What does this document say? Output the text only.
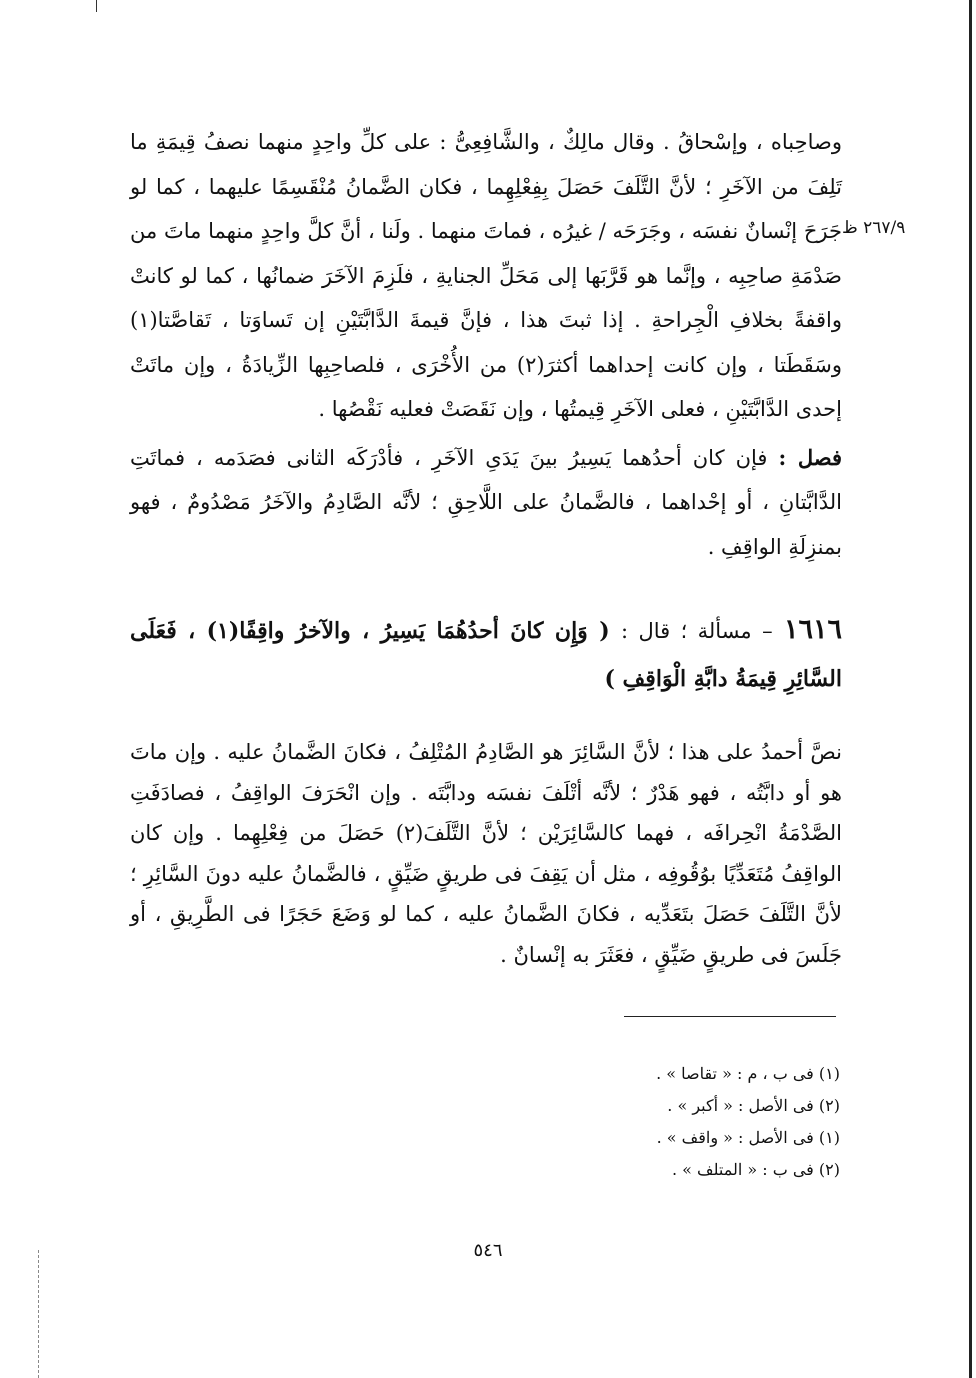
٢٦٧/٩ ظ

وصاحِباه ، وإسْحاقُ . وقال مالِكٌ ، والشَّافِعِىُّ : على كلِّ واحِدٍ منهما نصفُ قِيمَةِ ما تَلِفَ من الآخَرِ ؛ لأنَّ التَّلَفَ حَصَلَ بِفِعْلِهِما ، فكان الضَّمانُ مُنْقَسِمًا عليهما ، كما لو جَرَحَ إنْسانٌ نفسَه ، وجَرَحَه / غيرُه ، فماتَ منهما . ولَنا ، أنَّ كلَّ واحِدٍ منهما ماتَ من صَدْمَةِ صاحِبِه ، وإنَّما هو قَرَّبَها إلى مَحَلِّ الجنايةِ ، فلَزِمَ الآخَرَ ضمانُها ، كما لو كانتْ واقفةً بخلافِ الْجِراحةِ . إذا ثبتَ هذا ، فإنَّ قيمةَ الدَّابَّتَيْنِ إن تَساوَتا ، تَقاصَّتا(١) وسَقَطَتا ، وإن كانت إحداهما أكثرَ(٢) من الأُخْرَى ، فلصاحِبِها الزِّيادَةُ ، وإن ماتَتْ إحدى الدَّابَّتَيْنِ ، فعلى الآخَرِ قِيمتُها ، وإن نَقَصَتْ فعليه نَقْصُها .

فصل : فإن كان أحدُهما يَسِيرُ بينَ يَدَىِ الآخَرِ ، فأدْرَكَه الثانى فصَدَمه ، فماتَتِ الدَّابَّتانِ ، أو إحْداهما ، فالضَّمانُ على اللَّاحِقِ ؛ لأنَّه الصَّادِمُ والآخَرُ مَصْدُومٌ ، فهو بمنزِلَةِ الواقِفِ .

١٦١٦ – مسألة ؛ قال : ( وَإِن كانَ أحدُهُمَا يَسِيرُ ، والآخرُ واقِفًا(١) ، فَعَلَى السَّائِرِ قِيمَةُ دابَّةِ الْوَاقِفِ )
نصَّ أحمدُ على هذا ؛ لأنَّ السَّائِرَ هو الصَّادِمُ المُتْلِفُ ، فكانَ الضَّمانُ عليه . وإن ماتَ هو أو دابَّتُه ، فهو هَدْرٌ ؛ لأنَّه أتْلَفَ نفسَه ودابَّتَه . وإن انْحَرَفَ الواقِفُ ، فصادَفَتِ الصَّدْمَةُ انْحِرافَه ، فهما كالسَّائِرَيْن ؛ لأنَّ التَّلَفَ(٢) حَصَلَ من فِعْلِهِما . وإن كان الواقِفُ مُتَعَدِّيًا بوُقُوفِه ، مثل أن يَقِفَ فى طريقٍ ضَيِّقٍ ، فالضَّمانُ عليه دونَ السَّائِرِ ؛ لأنَّ التَّلَفَ حَصَلَ بتَعَدِّيه ، فكانَ الضَّمانُ عليه ، كما لو وَضَعَ حَجَرًا فى الطَّرِيقِ ، أو جَلَسَ فى طريقٍ ضَيِّقٍ ، فعَثَرَ به إنْسانٌ .

(١) فى ب ، م : « تقاصا » .

(٢) فى الأصل : « أكبر » .

(١) فى الأصل : « واقف » .

(٢) فى ب : « المتلف » .

٥٤٦
